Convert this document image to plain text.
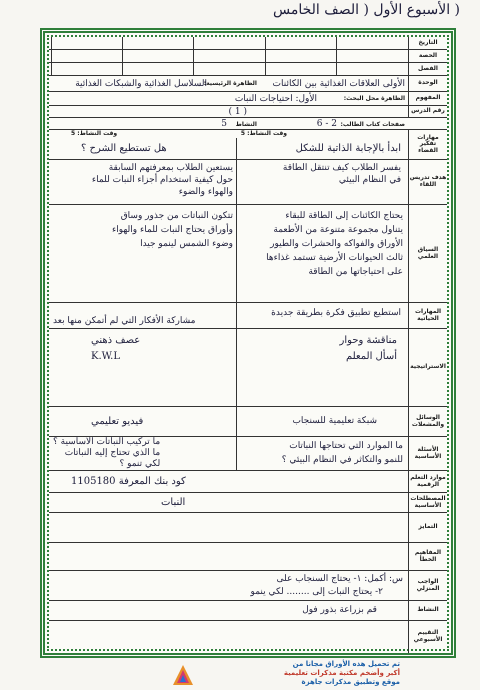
( الأسبوع الأول ( الصف الخامس
التاريخ
الحصة
الفصل
الوحدة
الأولى العلاقات الغذائية بين الكائنات
الظاهرة الرئيسية:
السلاسل الغذائية والشبكات الغذائية
المفهوم
الظاهرة محل البحث:
الأول: احتياجات النبات
رقم الدرس
( 1 )
صفحات كتاب الطالب:
2 - 6
النشاط
5
مهارات تفكير القضاء
وقت النشاط: 5
وقت النشاط: 5
ابدأ بالإجابة الذاتية للشكل
هل تستطيع الشرح ؟
هدف تدريس اللقاء
يفسر الطلاب كيف تنتقل الطاقة
في النظام البيئي
يستعين الطلاب بمعرفتهم السابقة
حول كيفية استخدام أجزاء النبات للماء
والهواء والضوء
السياق العلمي
يحتاج الكائنات إلى الطاقة للبقاء
يتناول مجموعة متنوعة من الأطعمة
الأوراق والفواكه والحشرات والطيور
ثالث الحيوانات الأرضية تستمد غذاءها
على احتياجاتها من الطاقة
تتكون النباتات من جذور وساق
وأوراق يحتاج النبات للماء والهواء
وضوء الشمس لينمو جيدا
المهارات الحياتية
استطيع تطبيق فكرة بطريقة جديدة
مشاركة الأفكار التي لم أتمكن منها بعد
الاستراتيجية
مناقشة وحوار
أسأل المعلم
عصف ذهني
K.W.L
الوسائل والمشغلات
شبكة تعليمية للسنجاب
فيديو تعليمي
الأسئلة الأساسية
ما الموارد التي تحتاجها النباتات
للنمو والتكاثر في النظام البيئي ؟
ما تركيب النباتات الأساسية ؟
ما الذي تحتاج إليه النباتات
لكي تنمو ؟
موارد التعلم الرقمية
كود بنك المعرفة 1105180
المصطلحات الأساسية
النبات
التمايز
المفاهيم الخطأ
الواجب المنزلي
س: أكمل: ١- يحتاج السنجاب على
٢- يحتاج النبات إلى ........ لكي ينمو
النشاط
قم بزراعة بذور فول
التقييم الأسبوعي
تم تحميل هذه الأوراق مجانا من
أكبر وأضخم مكتبة مذكرات تعليمية
موقع وتطبيق مذكرات جاهزة
